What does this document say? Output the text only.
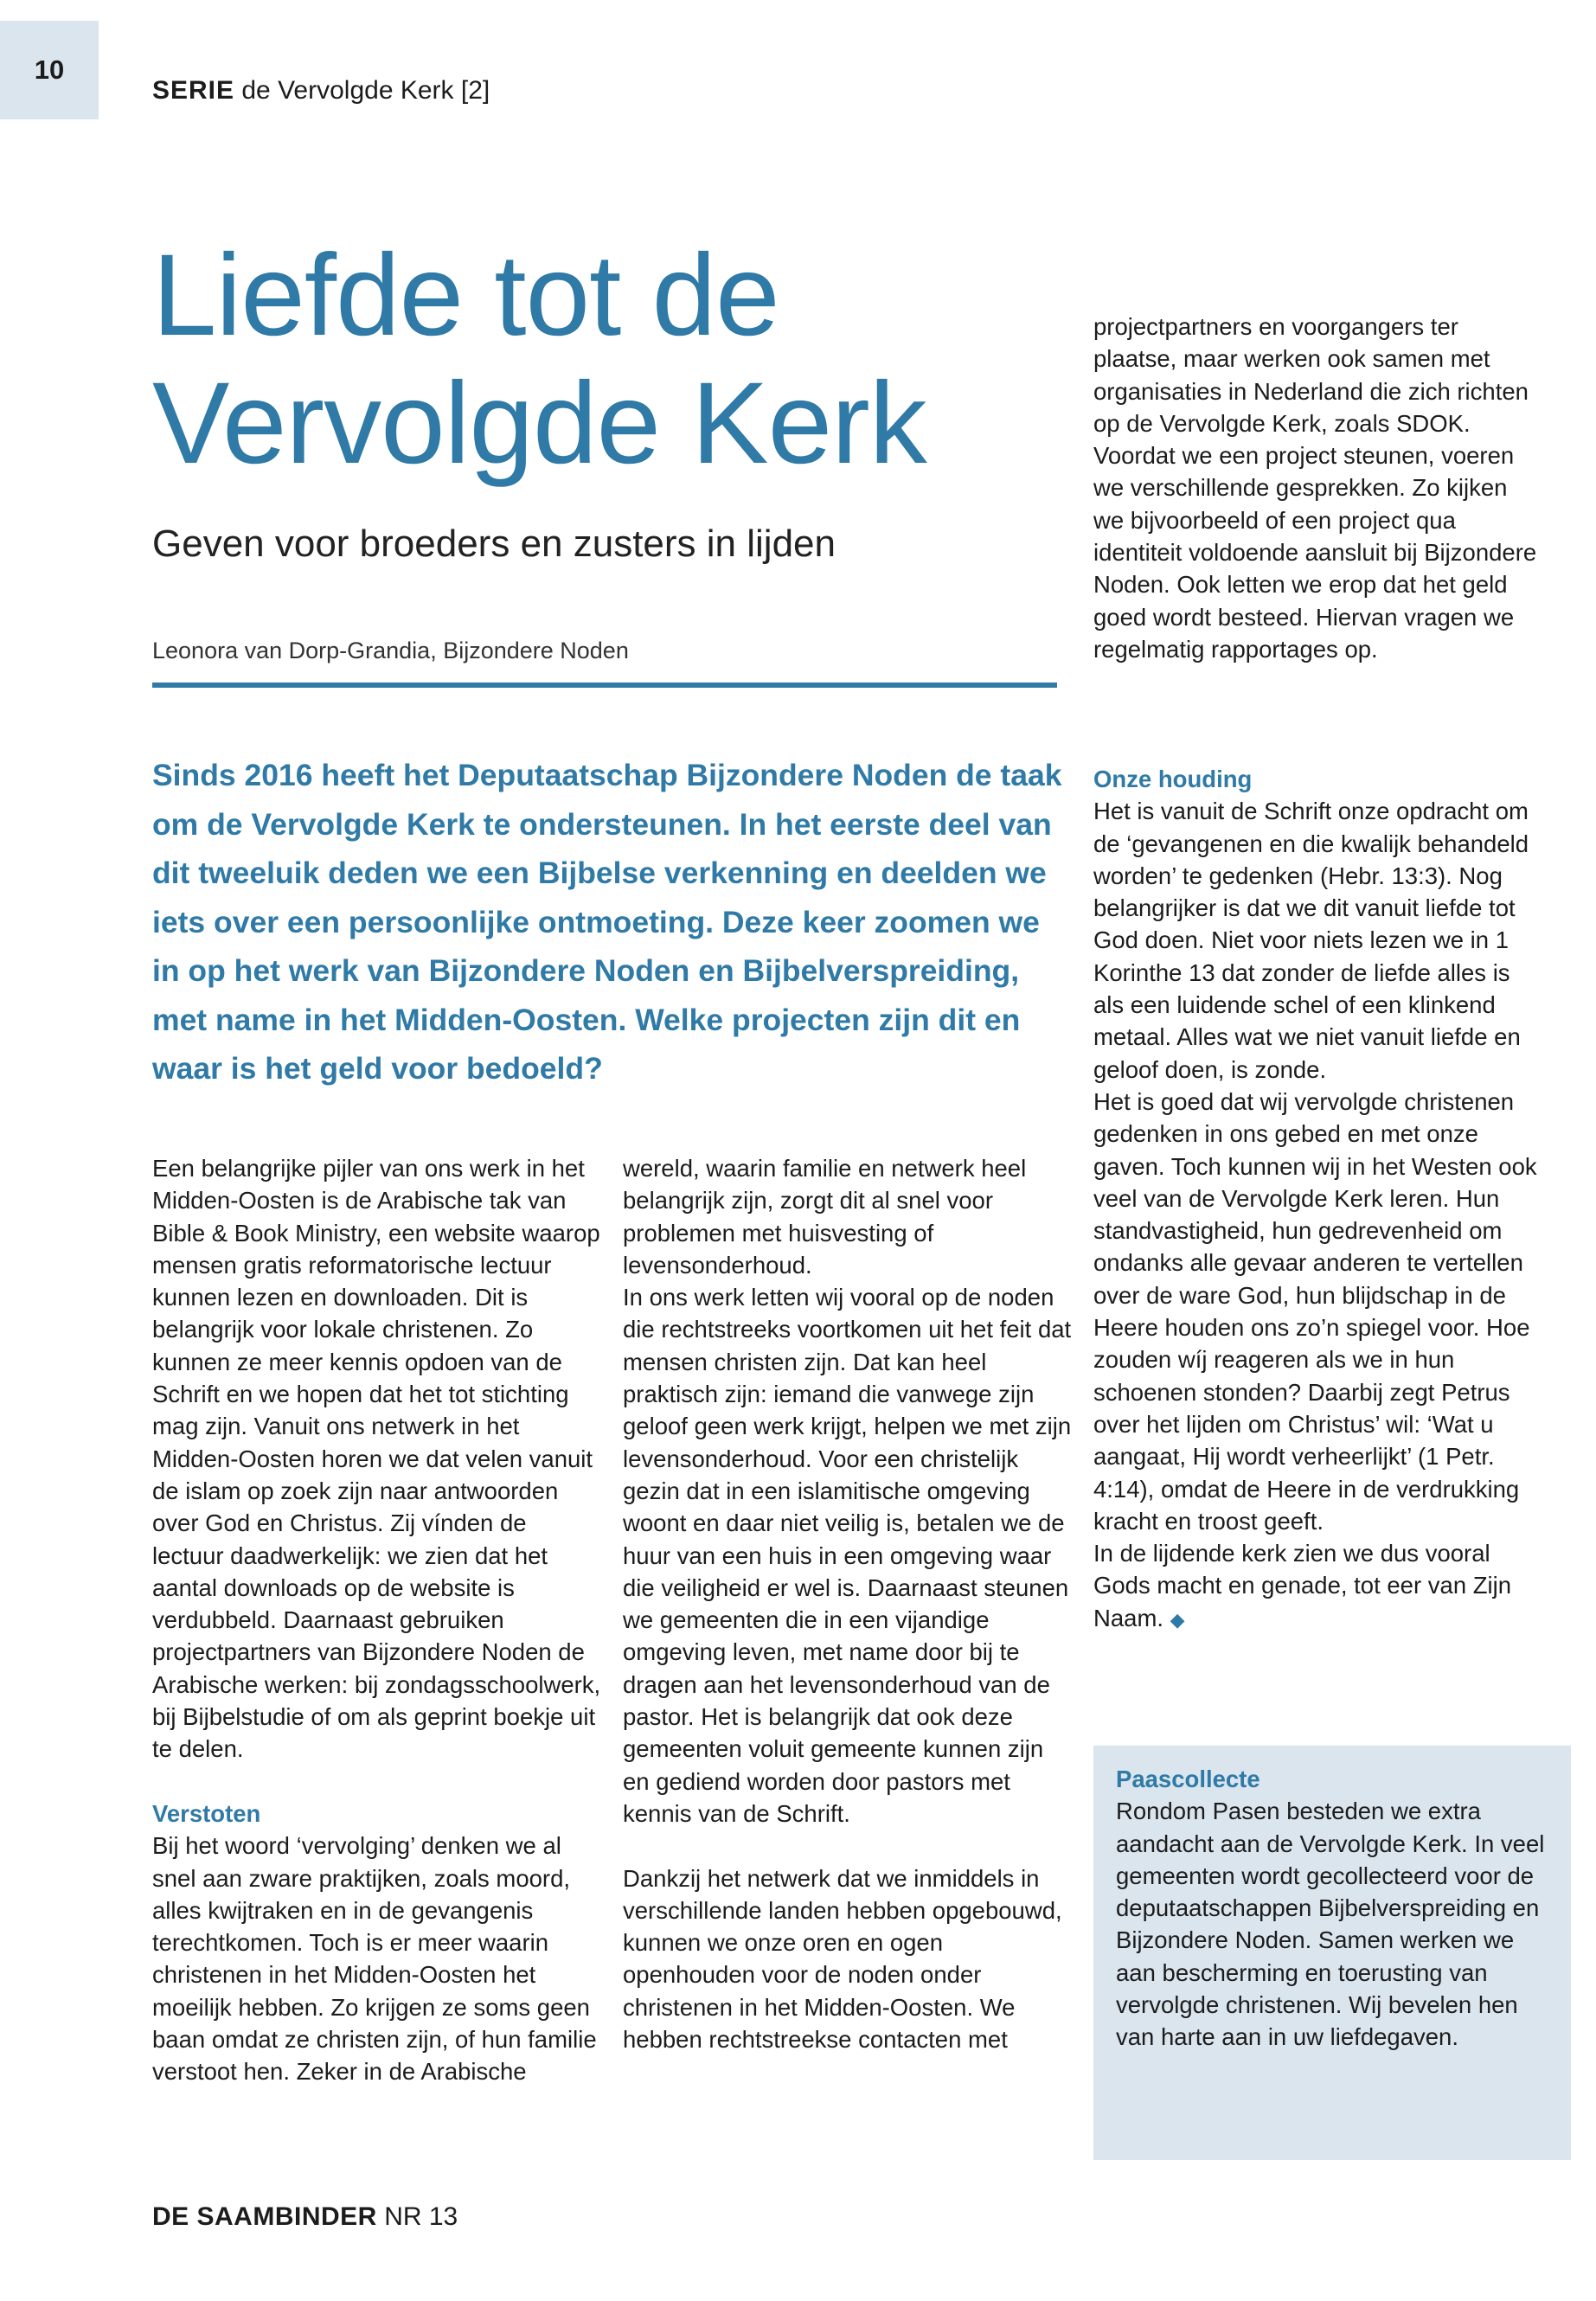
10
SERIE de Vervolgde Kerk [2]
Liefde tot de
Vervolgde Kerk
Geven voor broeders en zusters in lijden
Leonora van Dorp-Grandia, Bijzondere Noden

Sinds 2016 heeft het Deputaatschap Bijzondere Noden de taak om de Vervolgde Kerk te ondersteunen. In het eerste deel van dit tweeluik deden we een Bijbelse verkenning en deelden we iets over een persoonlijke ontmoeting. Deze keer zoomen we in op het werk van Bijzondere Noden en Bijbelverspreiding, met name in het Midden-Oosten. Welke projecten zijn dit en waar is het geld voor bedoeld?

Een belangrijke pijler van ons werk in het Midden-Oosten is de Arabische tak van Bible & Book Ministry, een website waarop mensen gratis reformatorische lectuur kunnen lezen en downloaden. Dit is belangrijk voor lokale christenen. Zo kunnen ze meer kennis opdoen van de Schrift en we hopen dat het tot stichting mag zijn. Vanuit ons netwerk in het Midden-Oosten horen we dat velen vanuit de islam op zoek zijn naar antwoorden over God en Christus. Zij vínden de lectuur daadwerkelijk: we zien dat het aantal downloads op de website is verdubbeld. Daarnaast gebruiken projectpartners van Bijzondere Noden de Arabische werken: bij zondagsschoolwerk, bij Bijbelstudie of om als geprint boekje uit te delen.

Verstoten

Bij het woord ‘vervolging’ denken we al snel aan zware praktijken, zoals moord, alles kwijtraken en in de gevangenis terechtkomen. Toch is er meer waarin christenen in het Midden-Oosten het moeilijk hebben. Zo krijgen ze soms geen baan omdat ze christen zijn, of hun familie verstoot hen. Zeker in de Arabische

wereld, waarin familie en netwerk heel belangrijk zijn, zorgt dit al snel voor problemen met huisvesting of levensonderhoud.

In ons werk letten wij vooral op de noden die rechtstreeks voortkomen uit het feit dat mensen christen zijn. Dat kan heel praktisch zijn: iemand die vanwege zijn geloof geen werk krijgt, helpen we met zijn levensonderhoud. Voor een christelijk gezin dat in een islamitische omgeving woont en daar niet veilig is, betalen we de huur van een huis in een omgeving waar die veiligheid er wel is. Daarnaast steunen we gemeenten die in een vijandige omgeving leven, met name door bij te dragen aan het levensonderhoud van de pastor. Het is belangrijk dat ook deze gemeenten voluit gemeente kunnen zijn en gediend worden door pastors met kennis van de Schrift.

Dankzij het netwerk dat we inmiddels in verschillende landen hebben opgebouwd, kunnen we onze oren en ogen openhouden voor de noden onder christenen in het Midden-Oosten. We hebben rechtstreekse contacten met

projectpartners en voorgangers ter plaatse, maar werken ook samen met organisaties in Nederland die zich richten op de Vervolgde Kerk, zoals SDOK.

Voordat we een project steunen, voeren we verschillende gesprekken. Zo kijken we bijvoorbeeld of een project qua identiteit voldoende aansluit bij Bijzondere Noden. Ook letten we erop dat het geld goed wordt besteed. Hiervan vragen we regelmatig rapportages op.

Onze houding

Het is vanuit de Schrift onze opdracht om de ‘gevangenen en die kwalijk behandeld worden’ te gedenken (Hebr. 13:3). Nog belangrijker is dat we dit vanuit liefde tot God doen. Niet voor niets lezen we in 1 Korinthe 13 dat zonder de liefde alles is als een luidende schel of een klinkend metaal. Alles wat we niet vanuit liefde en geloof doen, is zonde.

Het is goed dat wij vervolgde christenen gedenken in ons gebed en met onze gaven. Toch kunnen wij in het Westen ook veel van de Vervolgde Kerk leren. Hun standvastigheid, hun gedrevenheid om ondanks alle gevaar anderen te vertellen over de ware God, hun blijdschap in de Heere houden ons zo’n spiegel voor. Hoe zouden wíj reageren als we in hun schoenen stonden? Daarbij zegt Petrus over het lijden om Christus’ wil: ‘Wat u aangaat, Hij wordt verheerlijkt’ (1 Petr. 4:14), omdat de Heere in de verdrukking kracht en troost geeft.

In de lijdende kerk zien we dus vooral Gods macht en genade, tot eer van Zijn Naam. ◆

Paascollecte

Rondom Pasen besteden we extra aandacht aan de Vervolgde Kerk. In veel gemeenten wordt gecollecteerd voor de deputaatschappen Bijbelverspreiding en Bijzondere Noden. Samen werken we aan bescherming en toerusting van vervolgde christenen. Wij bevelen hen van harte aan in uw liefdegaven.

DE SAAMBINDER NR 13
